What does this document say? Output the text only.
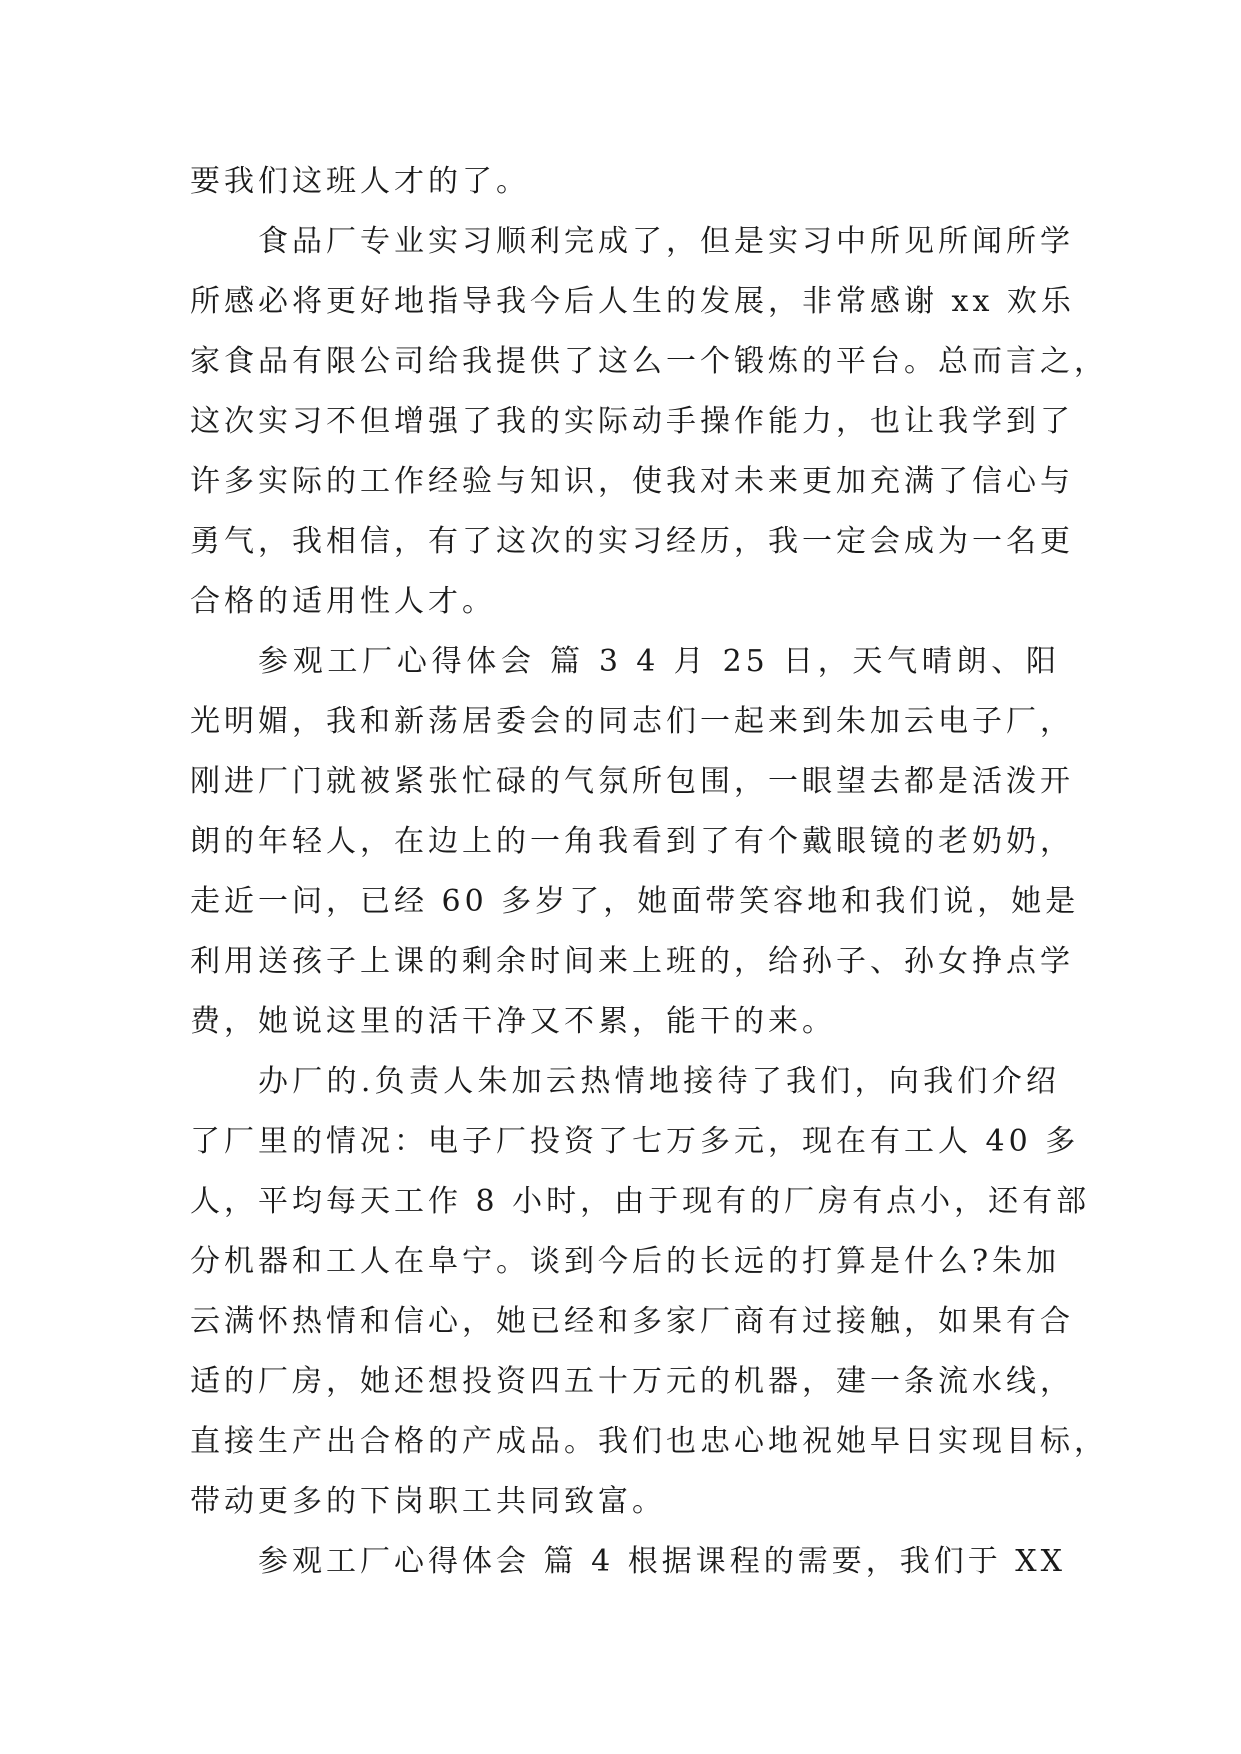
要我们这班人才的了。
食品厂专业实习顺利完成了，但是实习中所见所闻所学
所感必将更好地指导我今后人生的发展，非常感谢 xx 欢乐
家食品有限公司给我提供了这么一个锻炼的平台。总而言之，
这次实习不但增强了我的实际动手操作能力，也让我学到了
许多实际的工作经验与知识，使我对未来更加充满了信心与
勇气，我相信，有了这次的实习经历，我一定会成为一名更
合格的适用性人才。
参观工厂心得体会 篇 3 4 月 25 日，天气晴朗、阳
光明媚，我和新荡居委会的同志们一起来到朱加云电子厂，
刚进厂门就被紧张忙碌的气氛所包围，一眼望去都是活泼开
朗的年轻人，在边上的一角我看到了有个戴眼镜的老奶奶，
走近一问，已经 60 多岁了，她面带笑容地和我们说，她是
利用送孩子上课的剩余时间来上班的，给孙子、孙女挣点学
费，她说这里的活干净又不累，能干的来。
办厂的.负责人朱加云热情地接待了我们，向我们介绍
了厂里的情况：电子厂投资了七万多元，现在有工人 40 多
人，平均每天工作 8 小时，由于现有的厂房有点小，还有部
分机器和工人在阜宁。谈到今后的长远的打算是什么?朱加
云满怀热情和信心，她已经和多家厂商有过接触，如果有合
适的厂房，她还想投资四五十万元的机器，建一条流水线，
直接生产出合格的产成品。我们也忠心地祝她早日实现目标，
带动更多的下岗职工共同致富。
参观工厂心得体会 篇 4 根据课程的需要，我们于 XX
